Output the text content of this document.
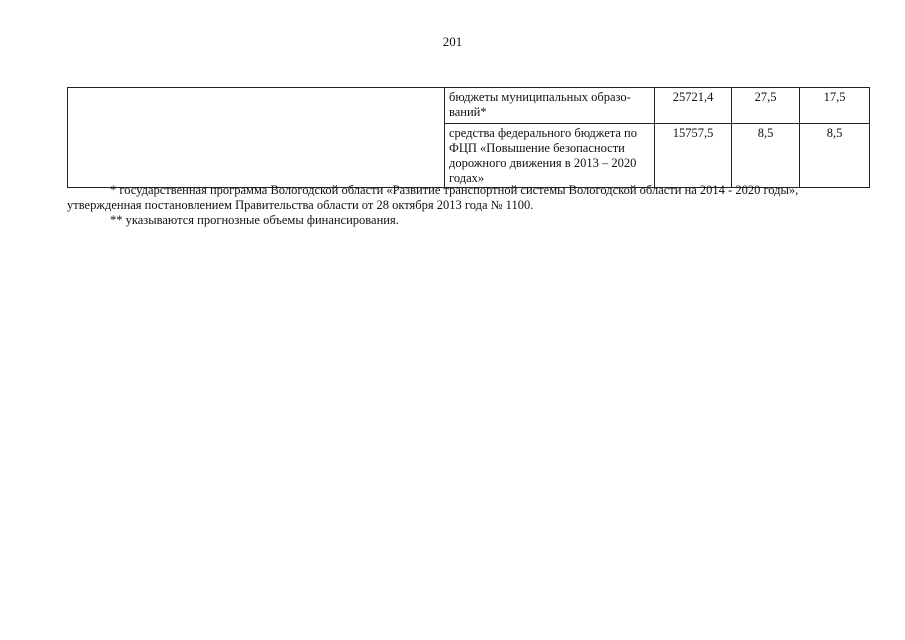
201
	бюджеты муниципальных образо-ваний*	25721,4	27,5	17,5
	средства федерального бюджета по ФЦП «Повышение безопасности дорожного движения в 2013 – 2020 годах»	15757,5	8,5	8,5
* государственная программа Вологодской области «Развитие транспортной системы Вологодской области на 2014 - 2020 годы»,
утвержденная постановлением Правительства области от 28 октября 2013 года № 1100.
** указываются прогнозные объемы финансирования.
